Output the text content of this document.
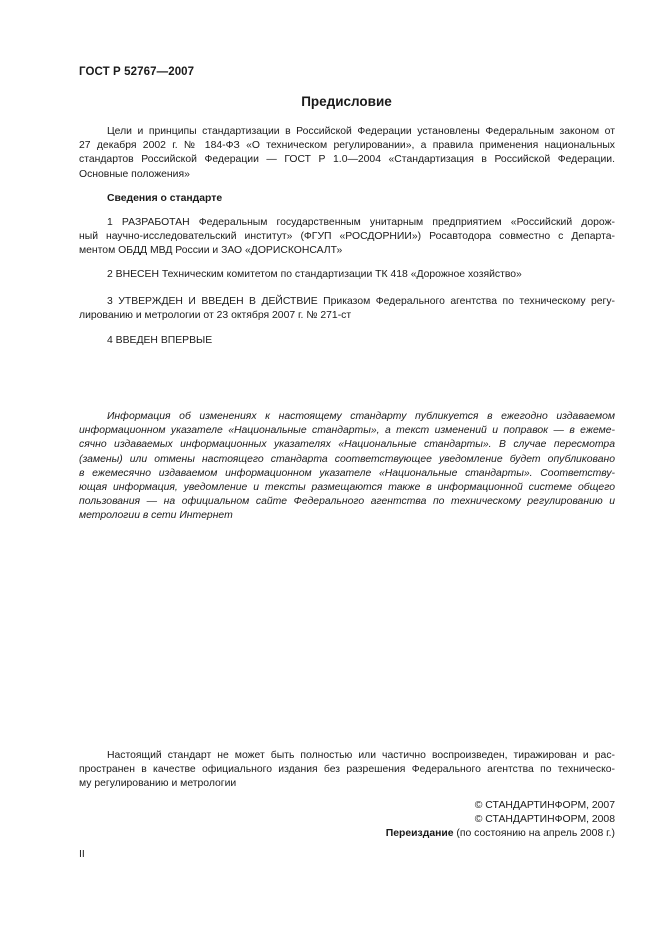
ГОСТ Р 52767—2007
Предисловие
Цели и принципы стандартизации в Российской Федерации установлены Федеральным законом от
27 декабря 2002 г. № 184-ФЗ «О техническом регулировании», а правила применения национальных
стандартов Российской Федерации — ГОСТ Р 1.0—2004 «Стандартизация в Российской Федерации.
Основные положения»
Сведения о стандарте
1 РАЗРАБОТАН Федеральным государственным унитарным предприятием «Российский дорож-
ный научно-исследовательский институт» (ФГУП «РОСДОРНИИ») Росавтодора совместно с Департа-
ментом ОБДД МВД России и ЗАО «ДОРИСКОНСАЛТ»
2 ВНЕСЕН Техническим комитетом по стандартизации ТК 418 «Дорожное хозяйство»
3 УТВЕРЖДЕН И ВВЕДЕН В ДЕЙСТВИЕ Приказом Федерального агентства по техническому регу-
лированию и метрологии от 23 октября 2007 г. № 271-ст
4 ВВЕДЕН ВПЕРВЫЕ
Информация об изменениях к настоящему стандарту публикуется в ежегодно издаваемом
информационном указателе «Национальные стандарты», а текст изменений и поправок — в ежеме-
сячно издаваемых информационных указателях «Национальные стандарты». В случае пересмотра
(замены) или отмены настоящего стандарта соответствующее уведомление будет опубликовано
в ежемесячно издаваемом информационном указателе «Национальные стандарты». Соответству-
ющая информация, уведомление и тексты размещаются также в информационной системе общего
пользования — на официальном сайте Федерального агентства по техническому регулированию и
метрологии в сети Интернет
Настоящий стандарт не может быть полностью или частично воспроизведен, тиражирован и рас-
пространен в качестве официального издания без разрешения Федерального агентства по техническо-
му регулированию и метрологии
© СТАНДАРТИНФОРМ, 2007
© СТАНДАРТИНФОРМ, 2008
Переиздание (по состоянию на апрель 2008 г.)
II
